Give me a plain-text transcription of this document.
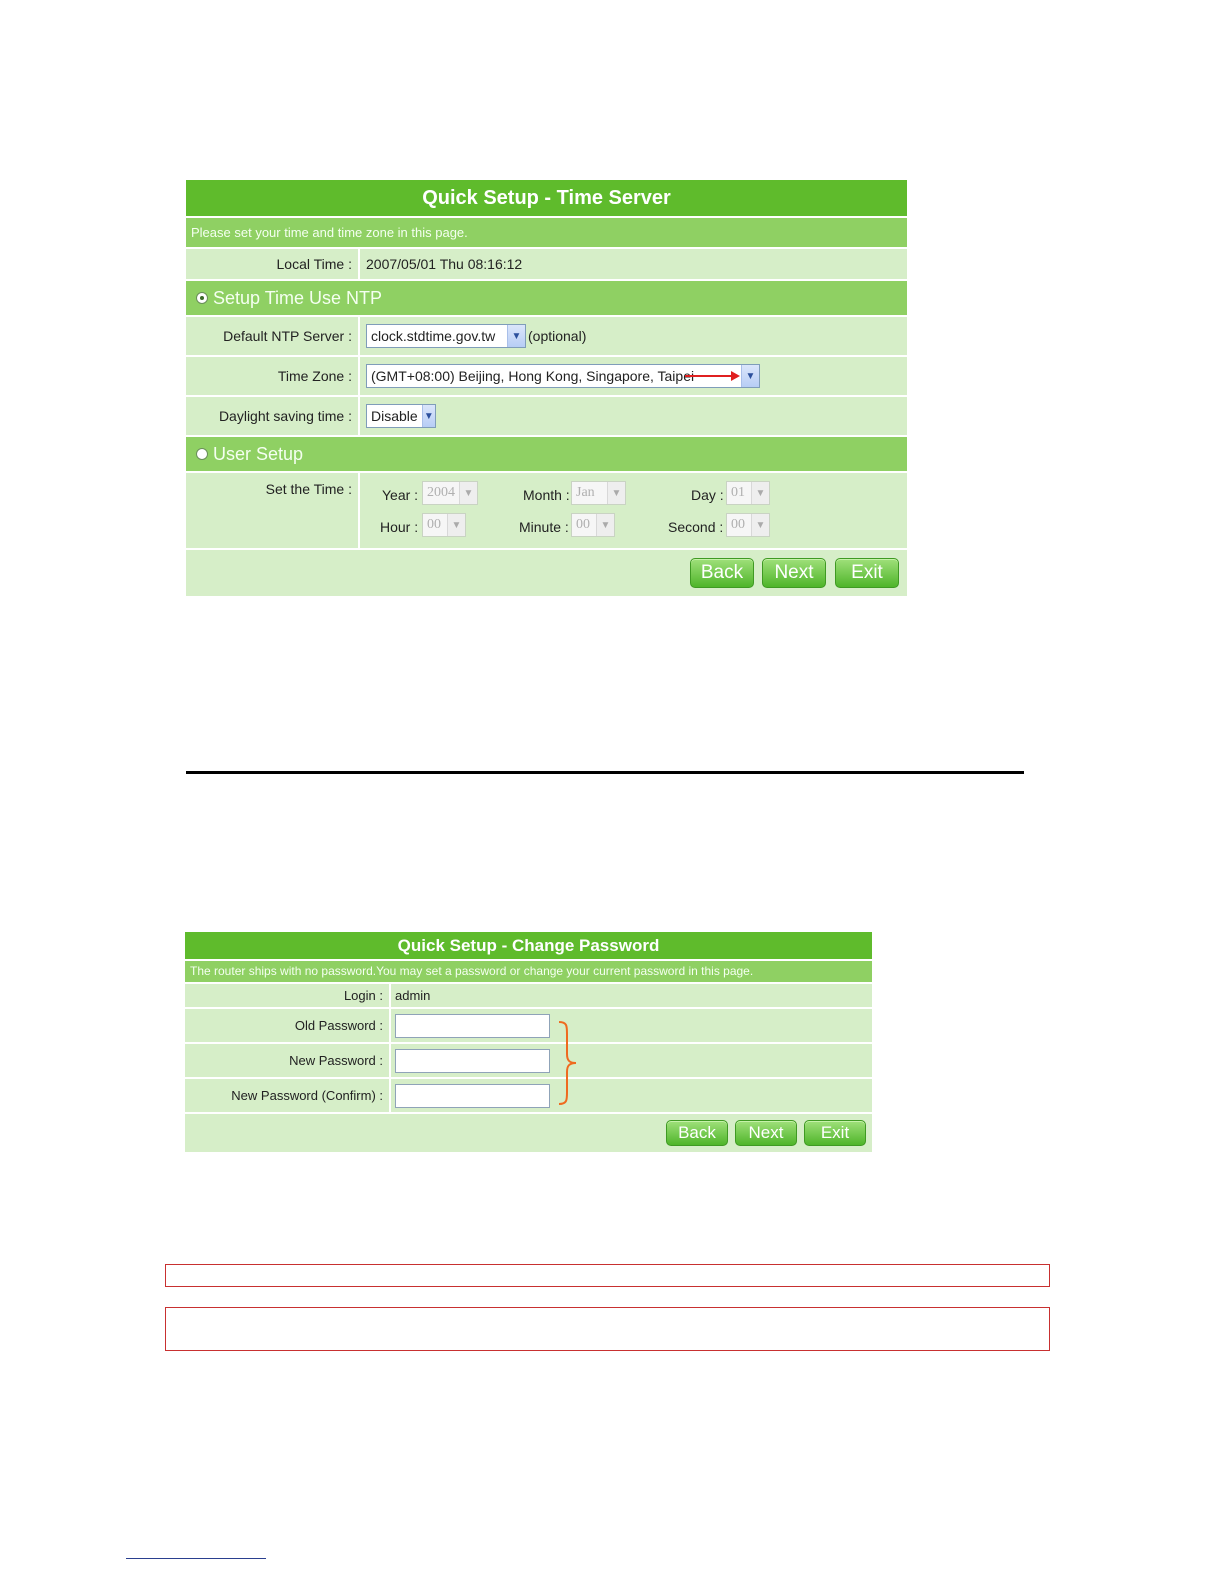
Quick Setup - Time Server
Please set your time and time zone in this page.
Local Time :	2007/05/01 Thu 08:16:12
Setup Time Use NTP
Default NTP Server :	clock.stdtime.gov.tw	▼ (optional)
Time Zone :	(GMT+08:00) Beijing, Hong Kong, Singapore, Taipei	▼
Daylight saving time :	Disable ▼
User Setup
Set the Time :	Year : 2004 ▼	Month : Jan	▼	Day : 01	▼
Hour : 00	▼	Minute : 00	▼	Second : 00	▼
Back	Next	Exit
Quick Setup - Change Password
The router ships with no password.You may set a password or change your current password in this page.
Login : admin
Old Password :
New Password :
New Password (Confirm) :
Back	Next	Exit
